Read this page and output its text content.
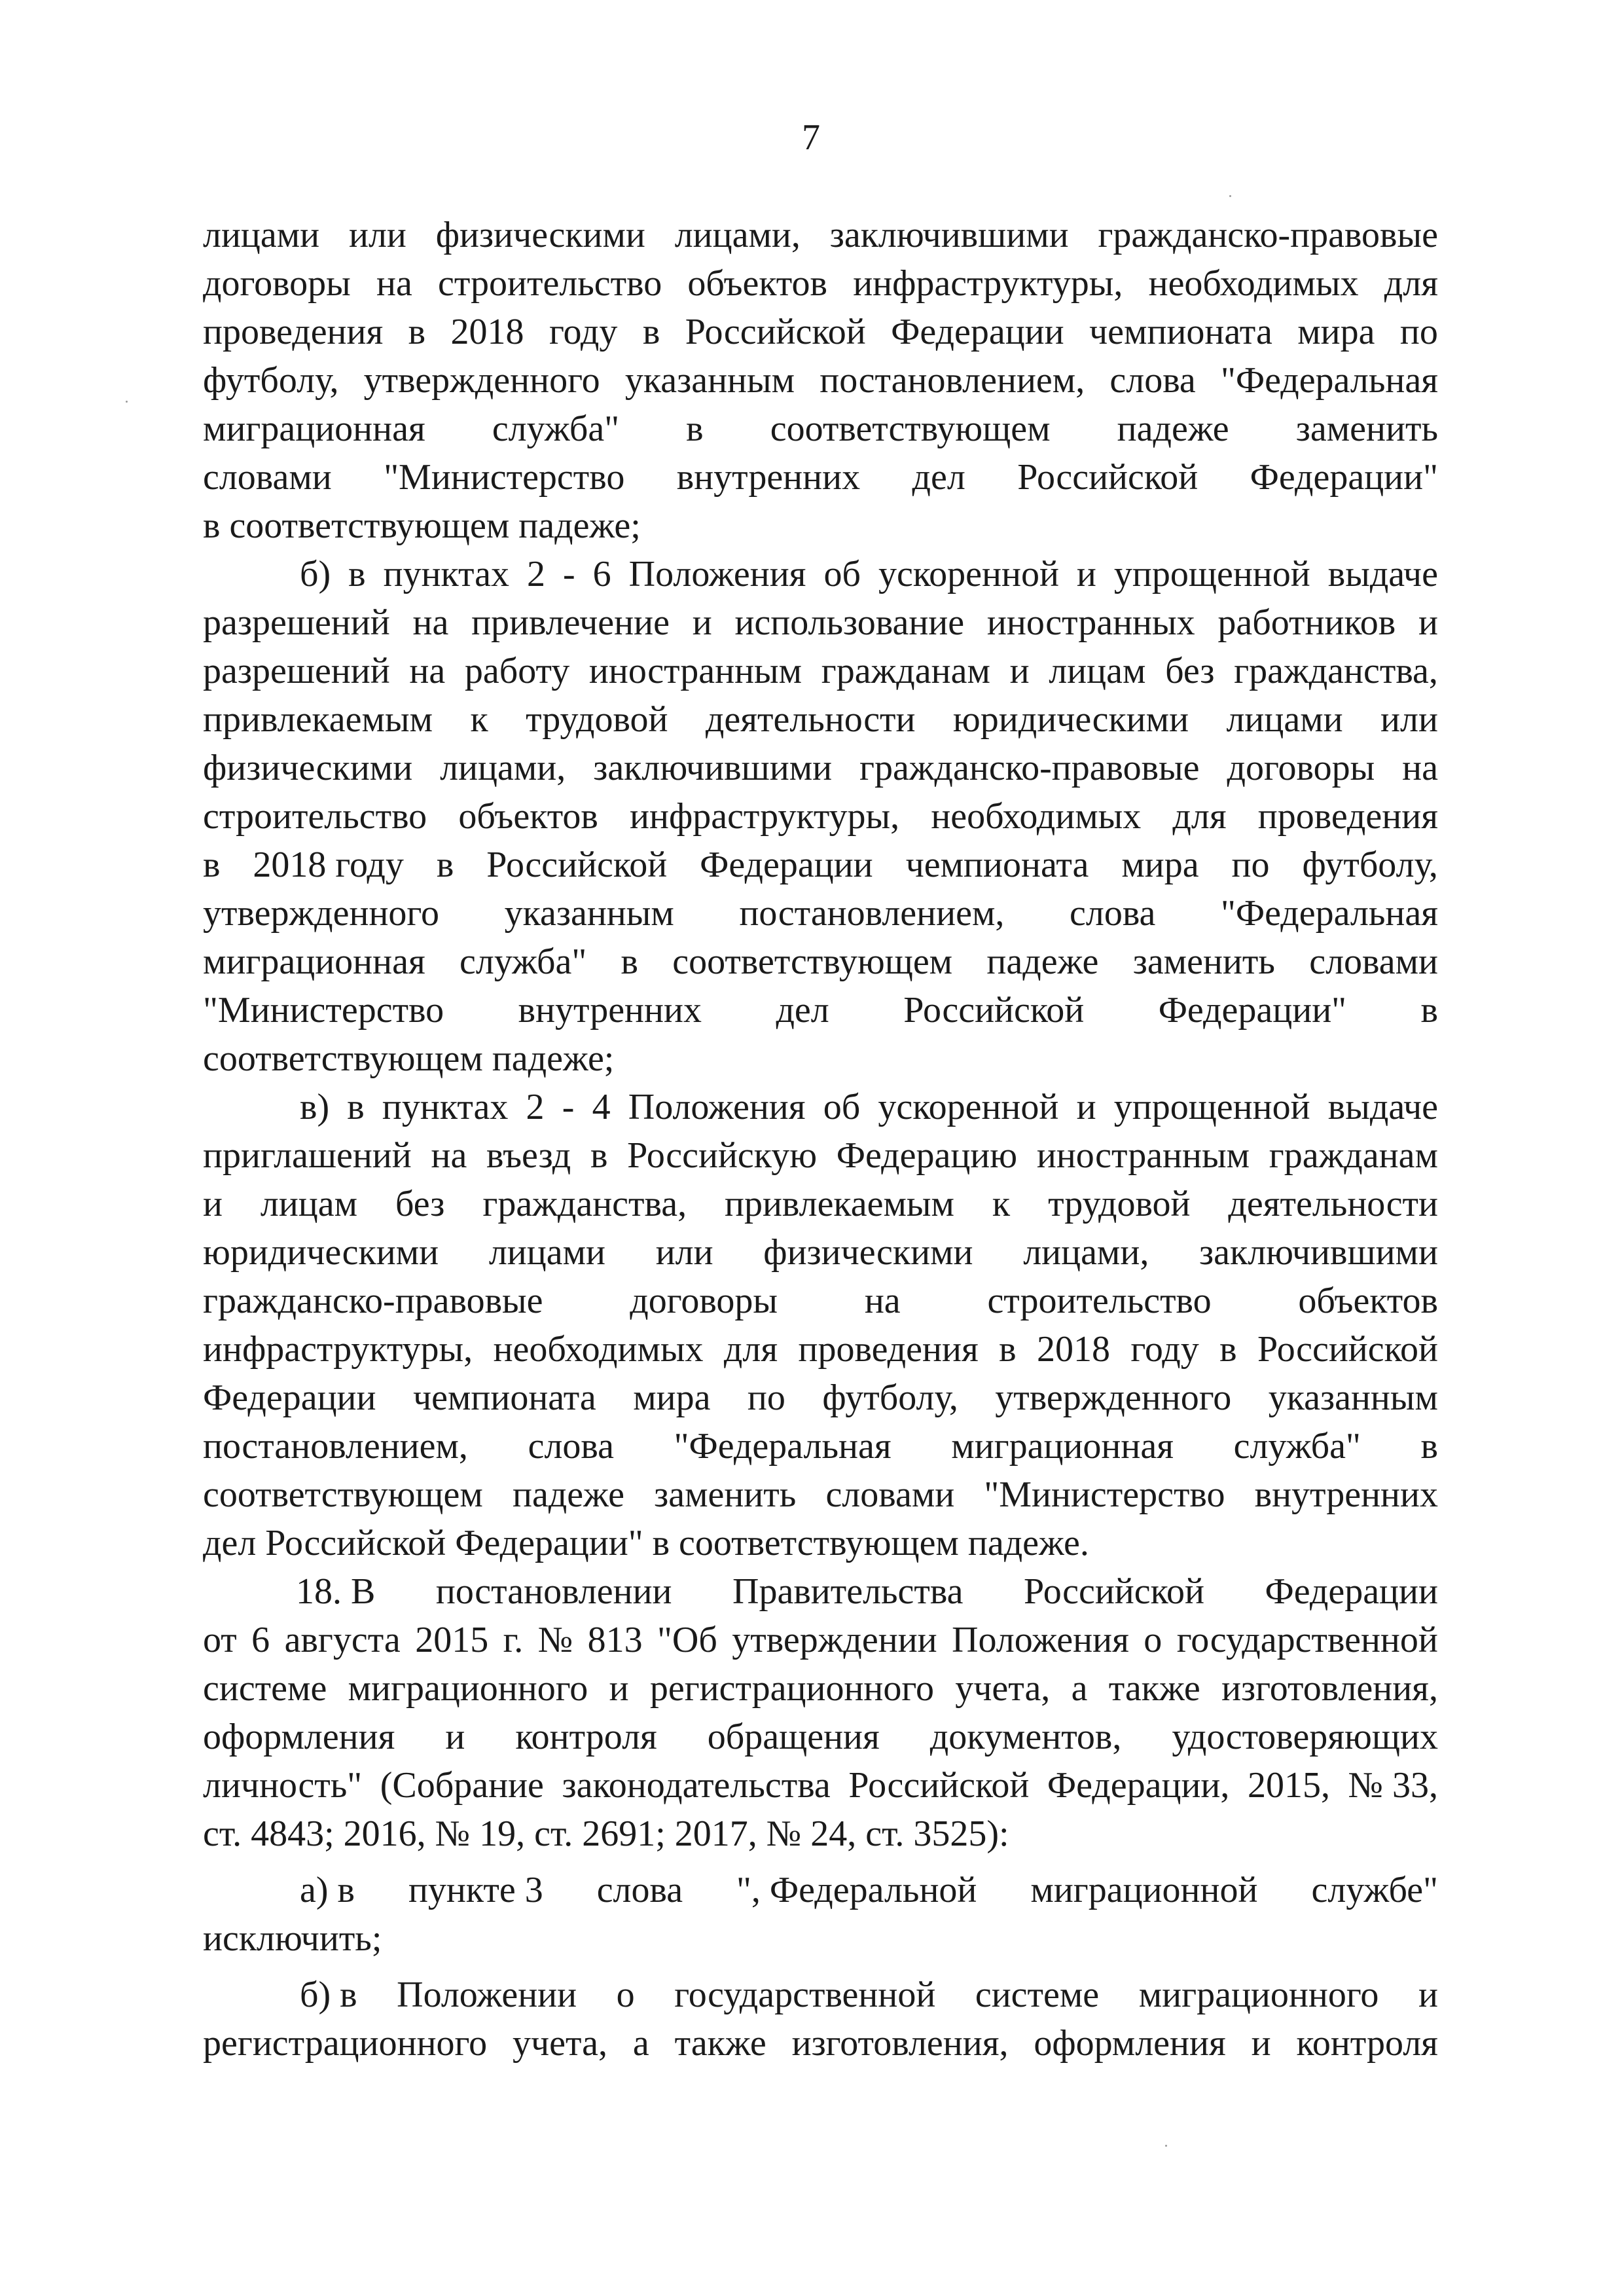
7
лицами или физическими лицами, заключившими гражданско-правовые
договоры на строительство объектов инфраструктуры, необходимых для
проведения в 2018 году в Российской Федерации чемпионата мира по
футболу, утвержденного указанным постановлением, слова "Федеральная
миграционная служба" в соответствующем падеже заменить
словами "Министерство внутренних дел Российской Федерации"
в соответствующем падеже;
б) в пунктах 2 - 6 Положения об ускоренной и упрощенной выдаче
разрешений на привлечение и использование иностранных работников и
разрешений на работу иностранным гражданам и лицам без гражданства,
привлекаемым к трудовой деятельности юридическими лицами или
физическими лицами, заключившими гражданско-правовые договоры на
строительство объектов инфраструктуры, необходимых для проведения
в 2018 году в Российской Федерации чемпионата мира по футболу,
утвержденного указанным постановлением, слова "Федеральная
миграционная служба" в соответствующем падеже заменить словами
"Министерство внутренних дел Российской Федерации" в
соответствующем падеже;
в) в пунктах 2 - 4 Положения об ускоренной и упрощенной выдаче
приглашений на въезд в Российскую Федерацию иностранным гражданам
и лицам без гражданства, привлекаемым к трудовой деятельности
юридическими лицами или физическими лицами, заключившими
гражданско-правовые договоры на строительство объектов
инфраструктуры, необходимых для проведения в 2018 году в Российской
Федерации чемпионата мира по футболу, утвержденного указанным
постановлением, слова "Федеральная миграционная служба" в
соответствующем падеже заменить словами "Министерство внутренних
дел Российской Федерации" в соответствующем падеже.
18. В постановлении Правительства Российской Федерации
от 6 августа 2015 г. № 813 "Об утверждении Положения о государственной
системе миграционного и регистрационного учета, а также изготовления,
оформления и контроля обращения документов, удостоверяющих
личность" (Собрание законодательства Российской Федерации, 2015, № 33,
ст. 4843; 2016, № 19, ст. 2691; 2017, № 24, ст. 3525):
а) в пункте 3 слова ", Федеральной миграционной службе"
исключить;
б) в Положении о государственной системе миграционного и
регистрационного учета, а также изготовления, оформления и контроля
